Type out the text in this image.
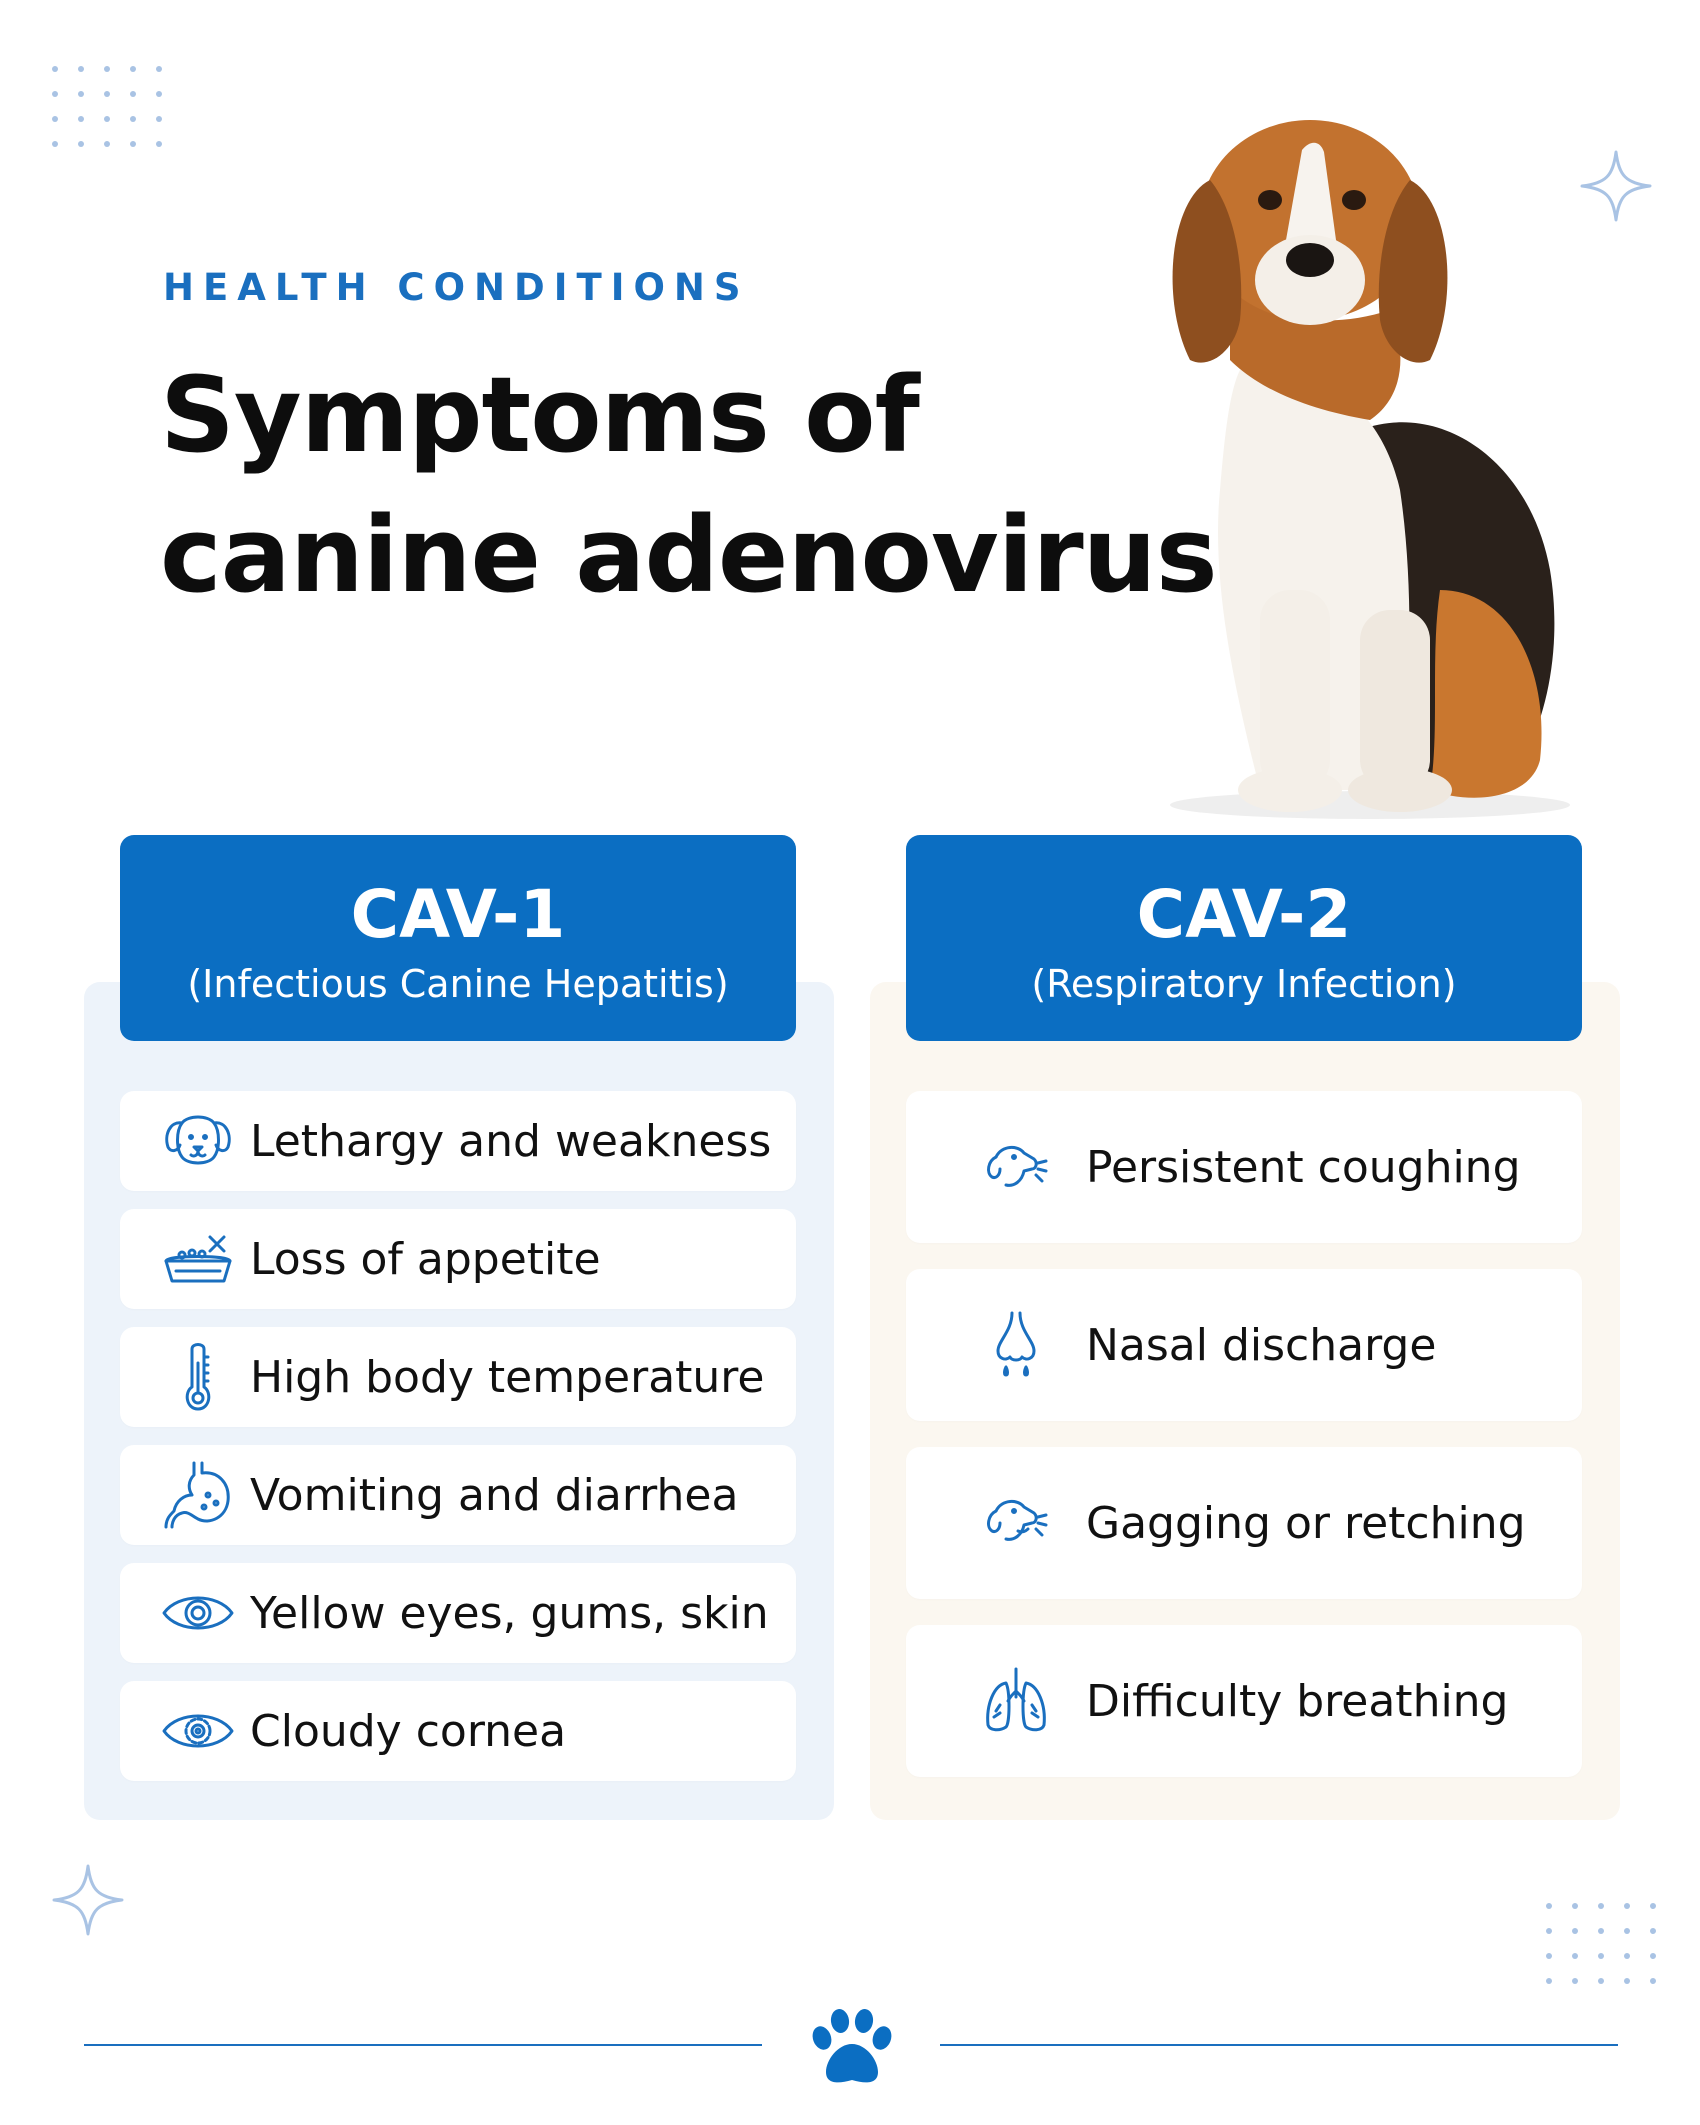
HEALTH CONDITIONS
Symptoms of
canine adenovirus
CAV-1
(Infectious Canine Hepatitis)
CAV-2
(Respiratory Infection)
Lethargy and weakness
Loss of appetite
High body temperature
Vomiting and diarrhea
Yellow eyes, gums, skin
Cloudy cornea
Persistent coughing
Nasal discharge
Gagging or retching
Difficulty breathing
